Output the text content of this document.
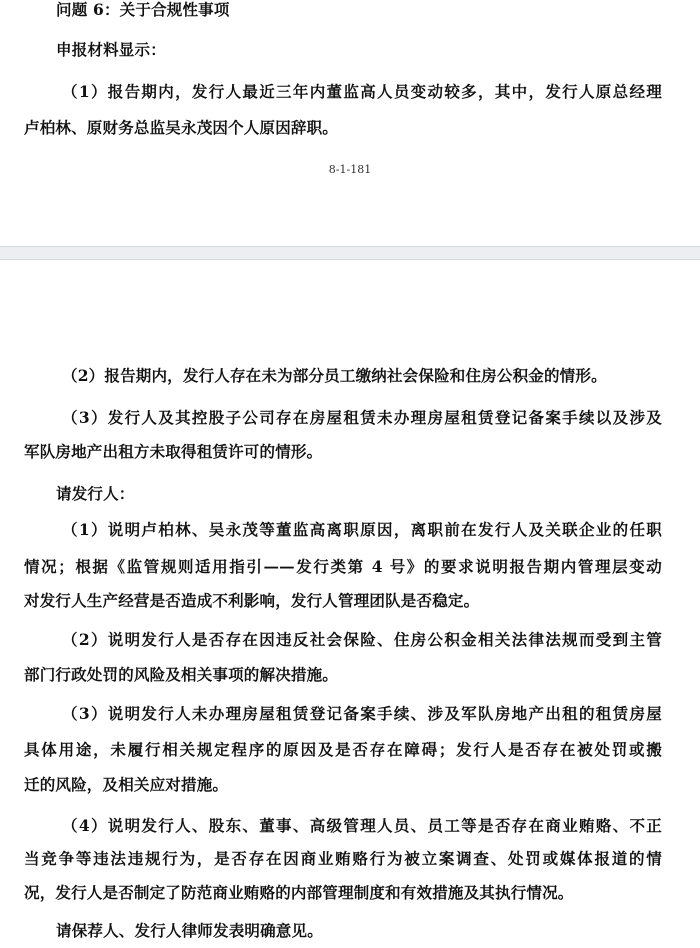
问题 6：关于合规性事项
申报材料显示：
（1）报告期内，发行人最近三年内董监高人员变动较多，其中，发行人原总经理
卢柏林、原财务总监吴永茂因个人原因辞职。
8-1-181
（2）报告期内，发行人存在未为部分员工缴纳社会保险和住房公积金的情形。
（3）发行人及其控股子公司存在房屋租赁未办理房屋租赁登记备案手续以及涉及
军队房地产出租方未取得租赁许可的情形。
请发行人：
（1）说明卢柏林、吴永茂等董监高离职原因，离职前在发行人及关联企业的任职
情况；根据《监管规则适用指引——发行类第 4 号》的要求说明报告期内管理层变动
对发行人生产经营是否造成不利影响，发行人管理团队是否稳定。
（2）说明发行人是否存在因违反社会保险、住房公积金相关法律法规而受到主管
部门行政处罚的风险及相关事项的解决措施。
（3）说明发行人未办理房屋租赁登记备案手续、涉及军队房地产出租的租赁房屋
具体用途，未履行相关规定程序的原因及是否存在障碍；发行人是否存在被处罚或搬
迁的风险，及相关应对措施。
（4）说明发行人、股东、董事、高级管理人员、员工等是否存在商业贿赂、不正
当竞争等违法违规行为，是否存在因商业贿赂行为被立案调查、处罚或媒体报道的情
况，发行人是否制定了防范商业贿赂的内部管理制度和有效措施及其执行情况。
请保荐人、发行人律师发表明确意见。
